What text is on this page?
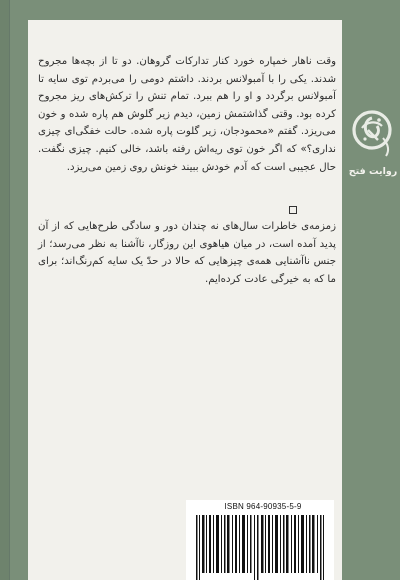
وقت ناهار خمپاره خورد کنار تدارکات گروهان. دو تا از بچه‌ها مجروح شدند. یکی را با آمبولانس بردند. داشتم دومی را می‌بردم توی سایه تا آمبولانس برگردد و او را هم ببرد. تمام تنش را ترکش‌های ریز مجروح کرده بود. وقتی گذاشتمش زمین، دیدم زیر گلوش هم پاره شده و خون می‌ریزد. گفتم «محمودجان، زیر گلوت پاره شده. حالت خفگی‌ای چیزی نداری؟» که اگر خون توی ریه‌اش رفته باشد، خالی کنیم. چیزی نگفت. حال عجیبی است که آدم خودش ببیند خونش روی زمین می‌ریزد.
زمزمه‌ی خاطرات سال‌های نه چندان دور و سادگی طرح‌هایی که از آن پدید آمده است، در میان هیاهوی این روزگار، ناآشنا به نظر می‌رسد؛ از جنس ناآشنایی همه‌ی چیزهایی که حالا در حدّ یک سایه کم‌رنگ‌اند؛ برای ما که به خیرگی عادت کرده‌ایم.
روایت فتح
ISBN 964-90935-5-9
